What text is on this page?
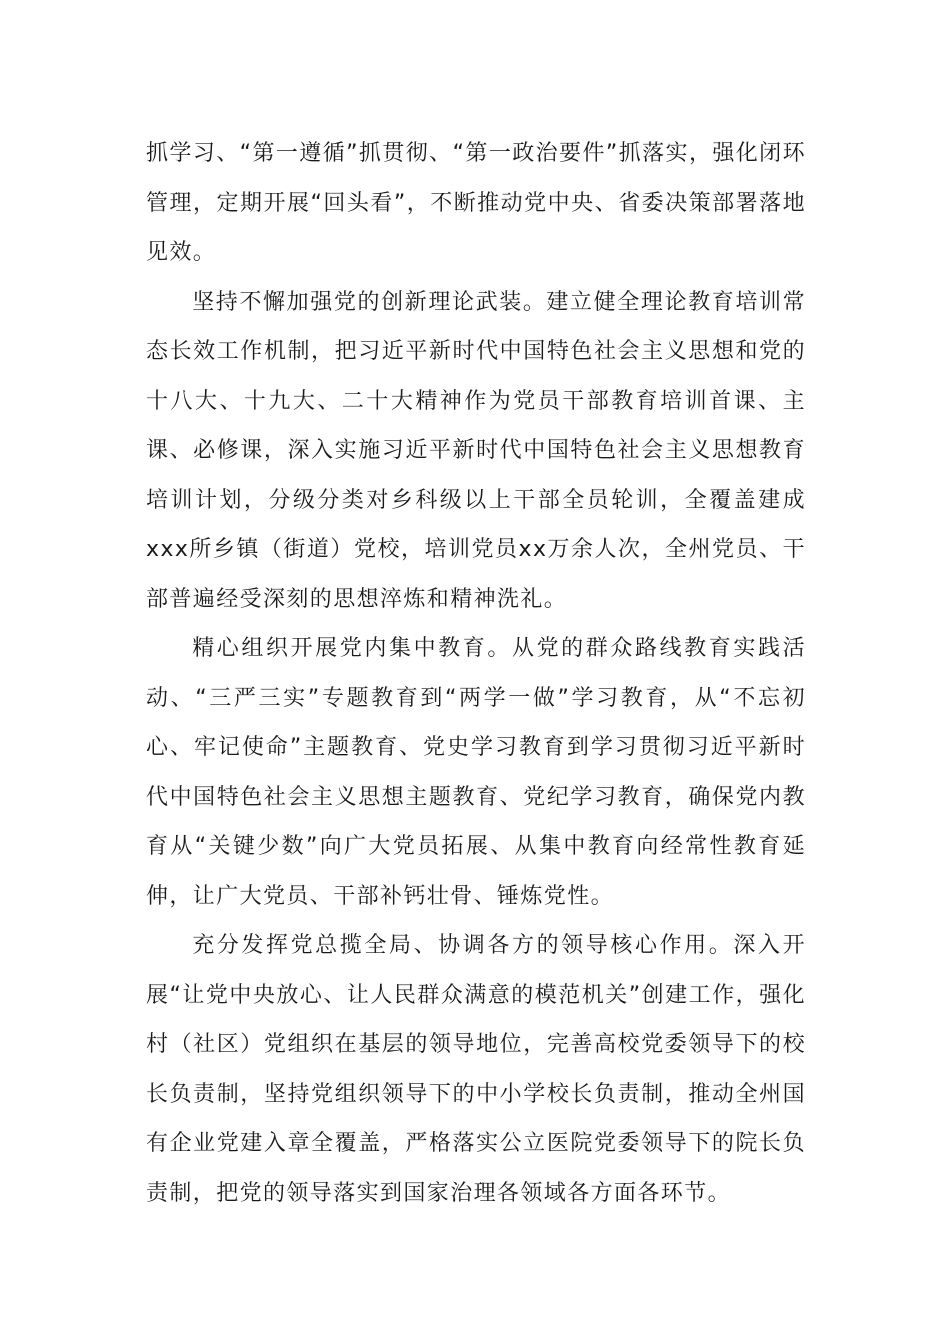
抓学习、“第一遵循”抓贯彻、“第一政治要件”抓落实，强化闭环管理，定期开展“回头看”，不断推动党中央、省委决策部署落地见效。

坚持不懈加强党的创新理论武装。建立健全理论教育培训常态长效工作机制，把习近平新时代中国特色社会主义思想和党的十八大、十九大、二十大精神作为党员干部教育培训首课、主课、必修课，深入实施习近平新时代中国特色社会主义思想教育培训计划，分级分类对乡科级以上干部全员轮训，全覆盖建成xxx所乡镇（街道）党校，培训党员xx万余人次，全州党员、干部普遍经受深刻的思想淬炼和精神洗礼。

精心组织开展党内集中教育。从党的群众路线教育实践活动、“三严三实”专题教育到“两学一做”学习教育，从“不忘初心、牢记使命”主题教育、党史学习教育到学习贯彻习近平新时代中国特色社会主义思想主题教育、党纪学习教育，确保党内教育从“关键少数”向广大党员拓展、从集中教育向经常性教育延伸，让广大党员、干部补钙壮骨、锤炼党性。

充分发挥党总揽全局、协调各方的领导核心作用。深入开展“让党中央放心、让人民群众满意的模范机关”创建工作，强化村（社区）党组织在基层的领导地位，完善高校党委领导下的校长负责制，坚持党组织领导下的中小学校长负责制，推动全州国有企业党建入章全覆盖，严格落实公立医院党委领导下的院长负责制，把党的领导落实到国家治理各领域各方面各环节。
